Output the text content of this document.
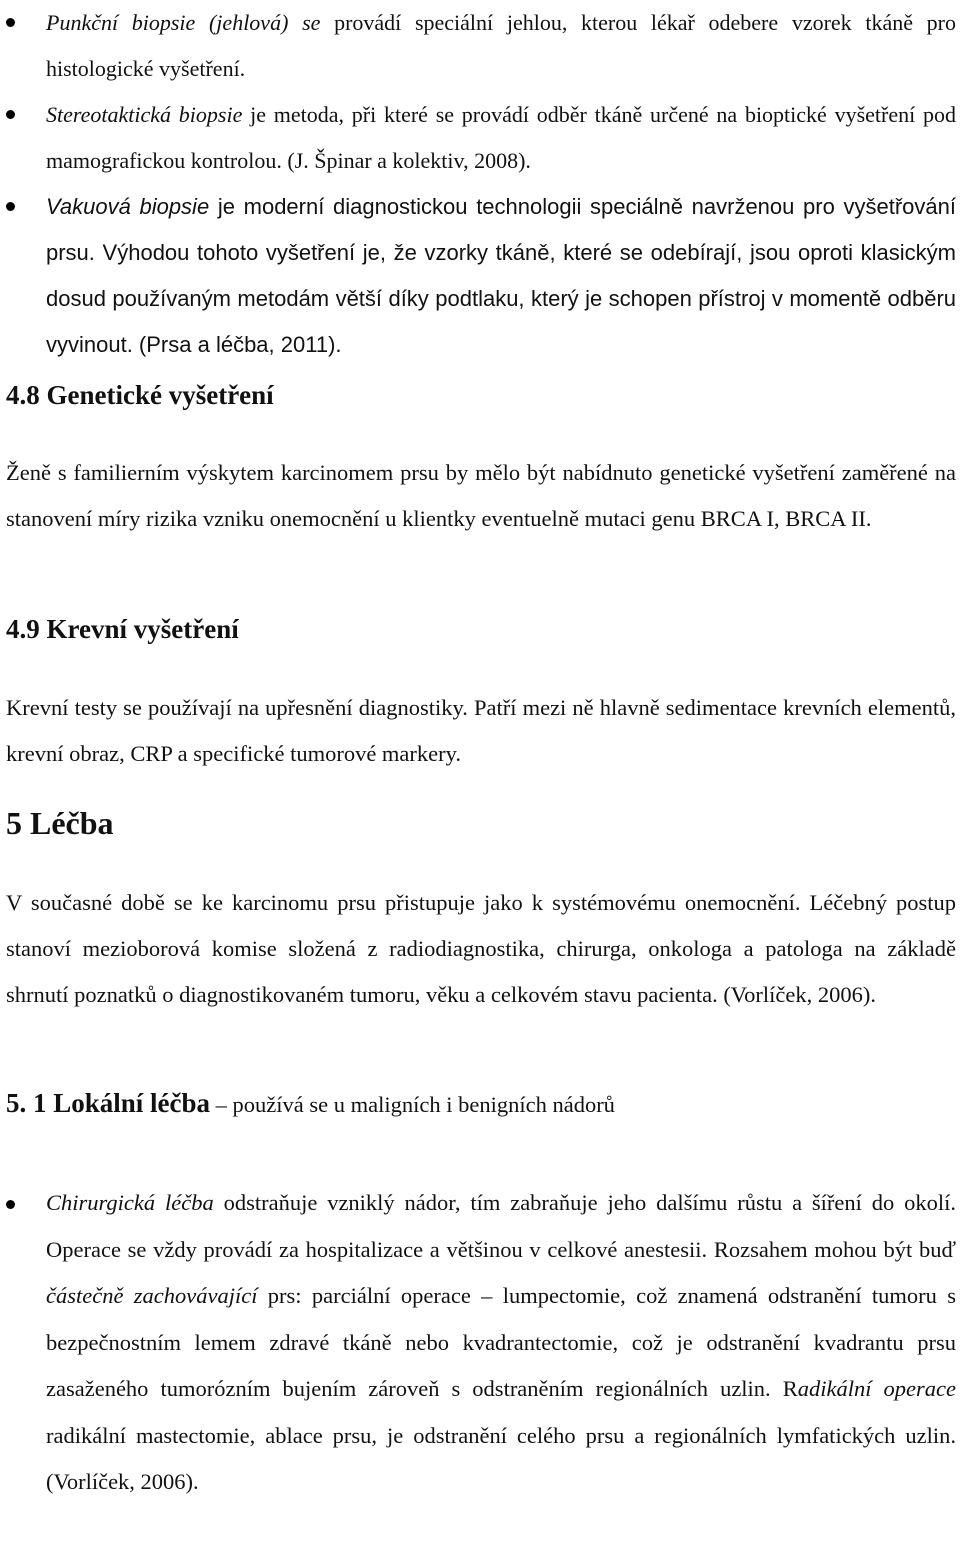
Punkční biopsie (jehlová) se provádí speciální jehlou, kterou lékař odebere vzorek tkáně pro histologické vyšetření.
Stereotaktická biopsie je metoda, při které se provádí odběr tkáně určené na bioptické vyšetření pod mamografickou kontrolou. (J. Špinar a kolektiv, 2008).
Vakuová biopsie je moderní diagnostickou technologii speciálně navrženou pro vyšetřování prsu. Výhodou tohoto vyšetření je, že vzorky tkáně, které se odebírají, jsou oproti klasickým dosud používaným metodám větší díky podtlaku, který je schopen přístroj v momentě odběru vyvinout. (Prsa a léčba, 2011).
4.8 Genetické vyšetření

Ženě s familierním výskytem karcinomem prsu by mělo být nabídnuto genetické vyšetření zaměřené na stanovení míry rizika vzniku onemocnění u klientky eventuelně mutaci genu BRCA I, BRCA II.

4.9 Krevní vyšetření

Krevní testy se používají na upřesnění diagnostiky. Patří mezi ně hlavně sedimentace krevních elementů, krevní obraz, CRP a specifické tumorové markery.

5 Léčba

V současné době se ke karcinomu prsu přistupuje jako k systémovému onemocnění. Léčebný postup stanoví mezioborová komise složená z radiodiagnostika, chirurga, onkologa a patologa na základě shrnutí poznatků o diagnostikovaném tumoru, věku a celkovém stavu pacienta. (Vorlíček, 2006).

5. 1 Lokální léčba – používá se u maligních i benigních nádorů
Chirurgická léčba odstraňuje vzniklý nádor, tím zabraňuje jeho dalšímu růstu a šíření do okolí. Operace se vždy provádí za hospitalizace a většinou v celkové anestesii. Rozsahem mohou být buď částečně zachovávající prs: parciální operace – lumpectomie, což znamená odstranění tumoru s bezpečnostním lemem zdravé tkáně nebo kvadrantectomie, což je odstranění kvadrantu prsu zasaženého tumorózním bujením zároveň s odstraněním regionálních uzlin. Radikální operace radikální mastectomie, ablace prsu, je odstranění celého prsu a regionálních lymfatických uzlin. (Vorlíček, 2006).
